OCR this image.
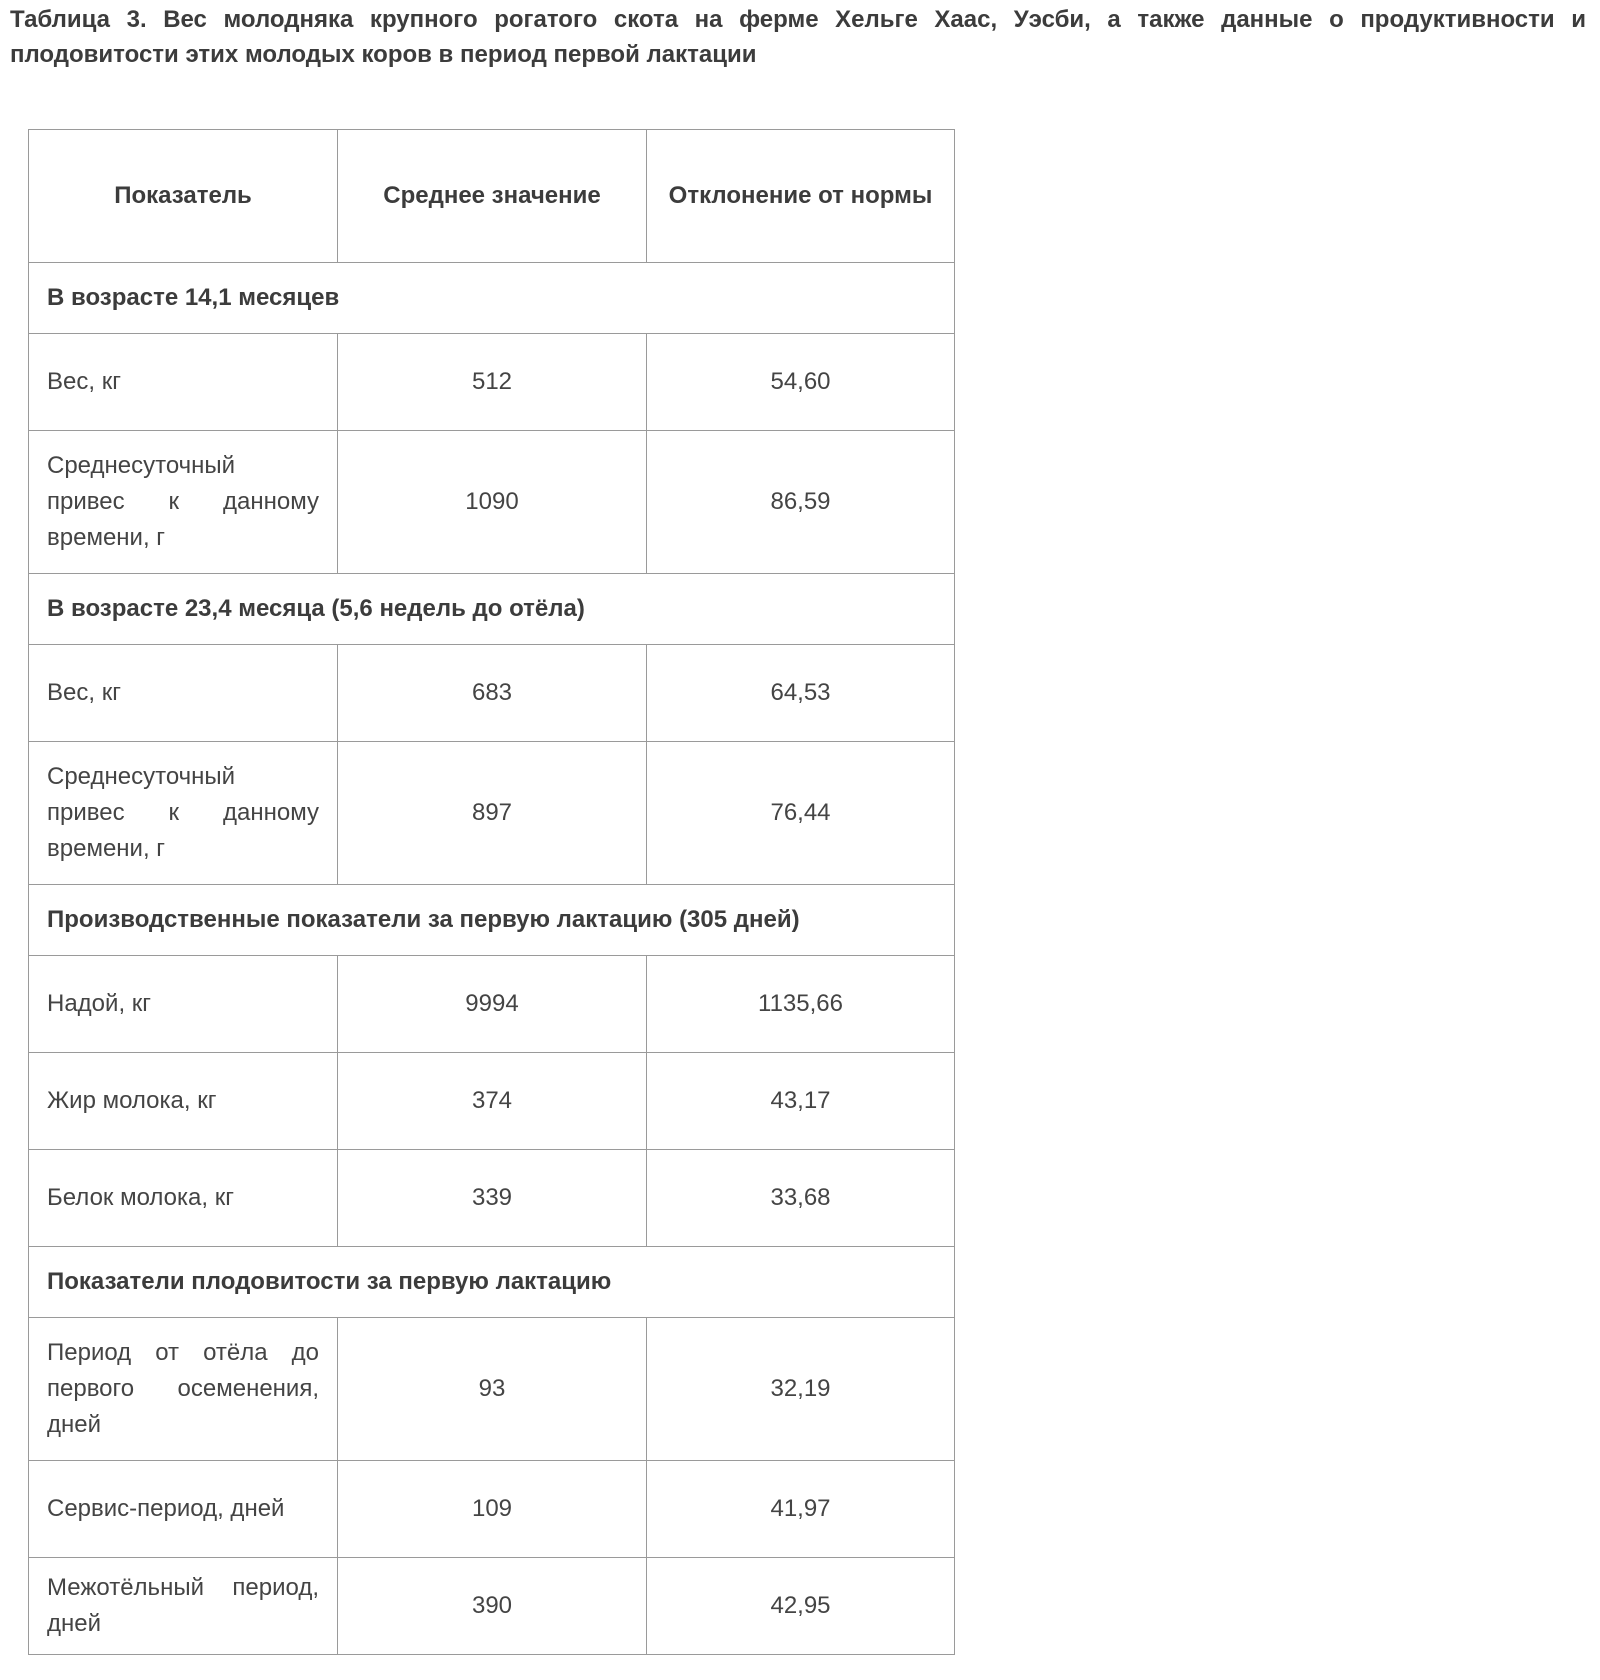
Таблица 3. Вес молодняка крупного рогатого скота на ферме Хельге Хаас, Уэсби, а также данные о продуктивности и плодовитости этих молодых коров в период первой лактации

Показатель	Среднее значение	Отклонение от нормы
В возрасте 14,1 месяцев		
Вес, кг	512	54,60
Среднесуточный привес к данному времени, г	1090	86,59
В возрасте 23,4 месяца (5,6 недель до отёла)		
Вес, кг	683	64,53
Среднесуточный привес к данному времени, г	897	76,44
Производственные показатели за первую лактацию (305 дней)		
Надой, кг	9994	1135,66
Жир молока, кг	374	43,17
Белок молока, кг	339	33,68
Показатели плодовитости за первую лактацию		
Период от отёла до первого осеменения, дней	93	32,19
Сервис-период, дней	109	41,97
Межотёльный период, дней	390	42,95
